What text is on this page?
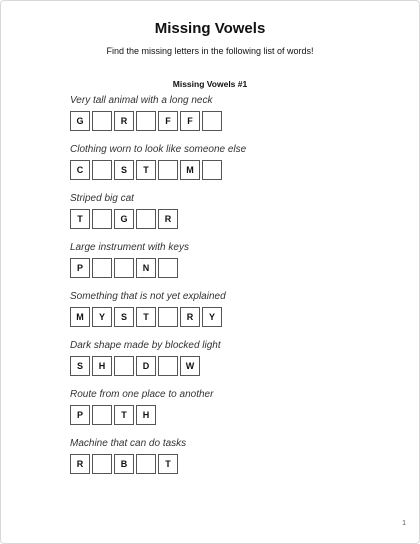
Missing Vowels
Find the missing letters in the following list of words!
Missing Vowels #1
Very tall animal with a long neck
G	R	F	F
Clothing worn to look like someone else
C	S	T	M
Striped big cat
T	G	R
Large instrument with keys
P	N
Something that is not yet explained
M	Y	S	T	R	Y
Dark shape made by blocked light
S	H	D	W
Route from one place to another
P	T	H
Machine that can do tasks
R	B	T
1
